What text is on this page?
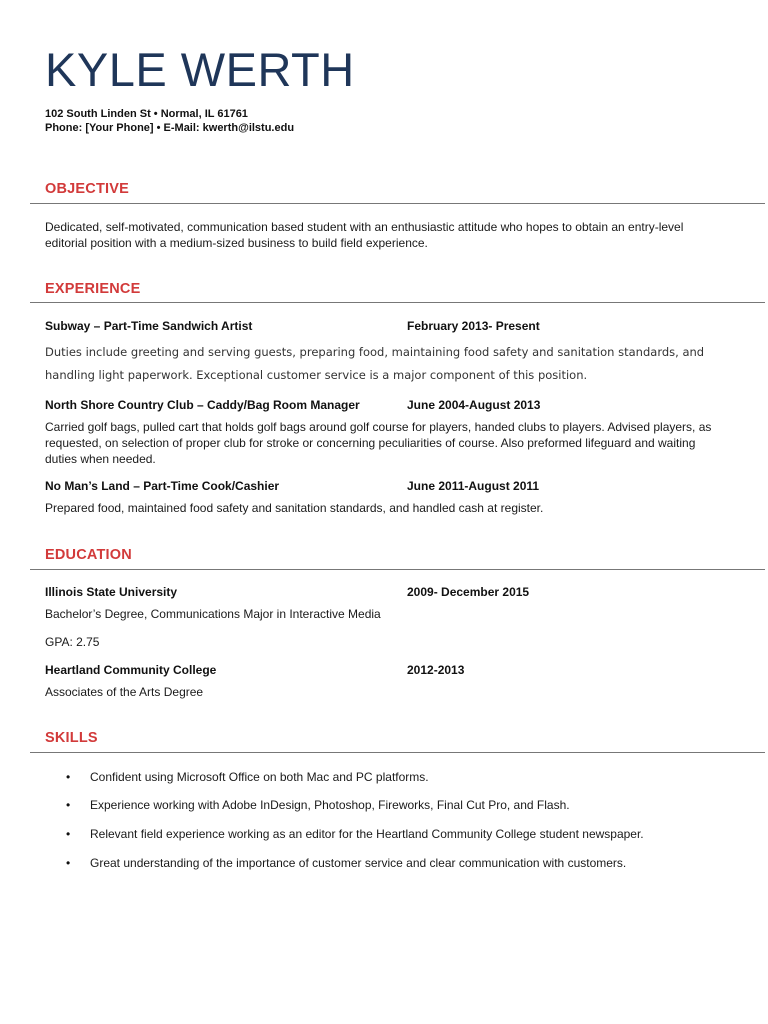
KYLE WERTH
102 South Linden St • Normal, IL 61761
Phone: [Your Phone] • E-Mail: kwerth@ilstu.edu
OBJECTIVE
Dedicated, self-motivated, communication based student with an enthusiastic attitude who hopes to obtain an entry-level editorial position with a medium-sized business to build field experience.
EXPERIENCE
Subway – Part-Time Sandwich Artist	February 2013- Present
Duties include greeting and serving guests, preparing food, maintaining food safety and sanitation standards, and handling light paperwork. Exceptional customer service is a major component of this position.
North Shore Country Club – Caddy/Bag Room Manager	June 2004-August 2013
Carried golf bags, pulled cart that holds golf bags around golf course for players, handed clubs to players. Advised players, as requested, on selection of proper club for stroke or concerning peculiarities of course. Also preformed lifeguard and waiting duties when needed.
No Man’s Land – Part-Time Cook/Cashier	June 2011-August 2011
Prepared food, maintained food safety and sanitation standards, and handled cash at register.
EDUCATION
Illinois State University	2009- December 2015
Bachelor’s Degree, Communications Major in Interactive Media
GPA: 2.75
Heartland Community College	2012-2013
Associates of the Arts Degree
SKILLS
• Confident using Microsoft Office on both Mac and PC platforms.
• Experience working with Adobe InDesign, Photoshop, Fireworks, Final Cut Pro, and Flash.
• Relevant field experience working as an editor for the Heartland Community College student newspaper.
• Great understanding of the importance of customer service and clear communication with customers.
